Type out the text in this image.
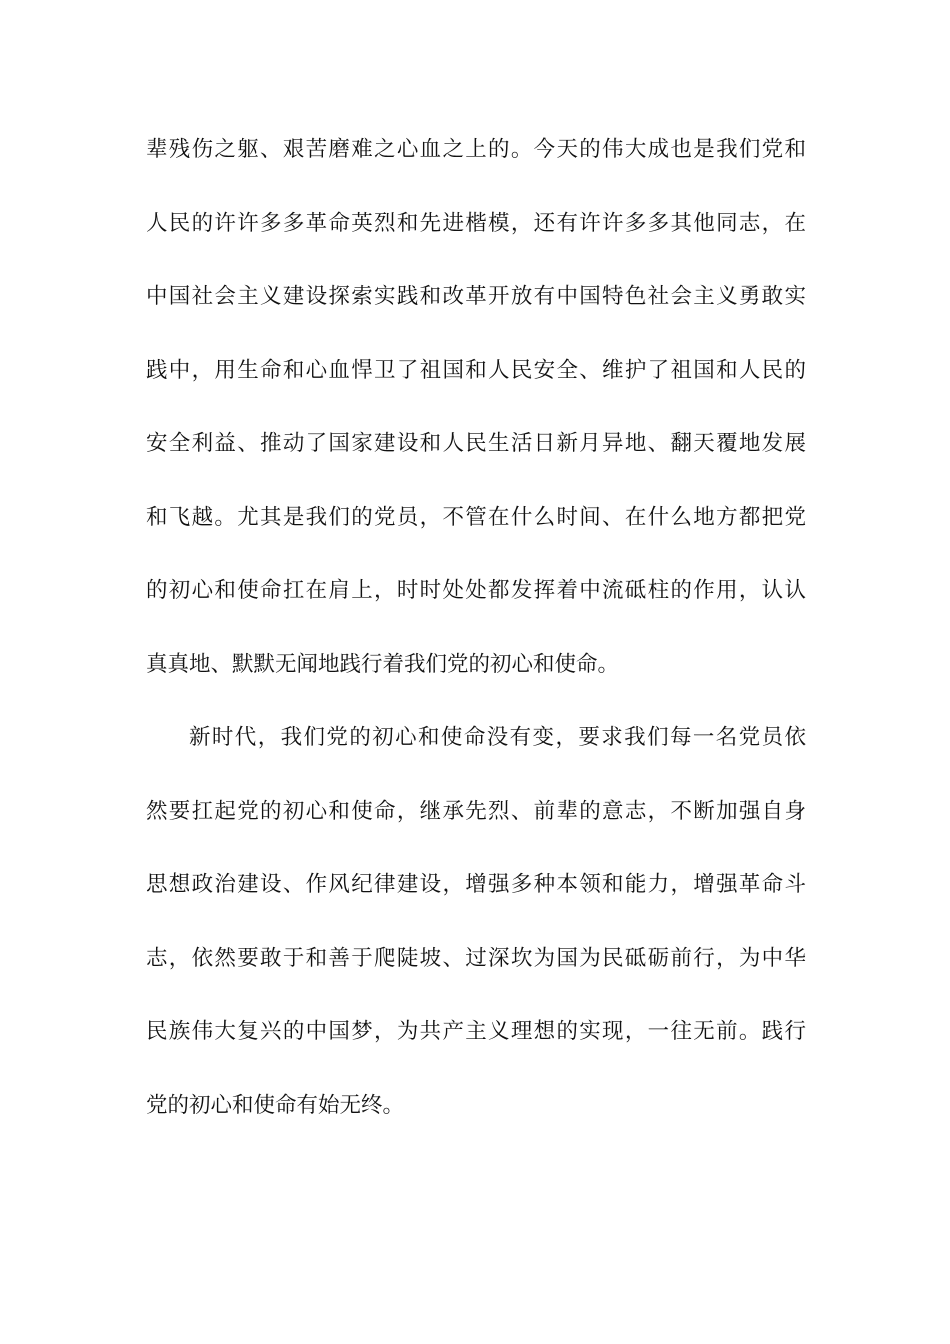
辈残伤之躯、艰苦磨难之心血之上的。今天的伟大成也是我们党和
人民的许许多多革命英烈和先进楷模，还有许许多多其他同志，在
中国社会主义建设探索实践和改革开放有中国特色社会主义勇敢实
践中，用生命和心血悍卫了祖国和人民安全、维护了祖国和人民的
安全利益、推动了国家建设和人民生活日新月异地、翻天覆地发展
和飞越。尤其是我们的党员，不管在什么时间、在什么地方都把党
的初心和使命扛在肩上，时时处处都发挥着中流砥柱的作用，认认
真真地、默默无闻地践行着我们党的初心和使命。
新时代，我们党的初心和使命没有变，要求我们每一名党员依
然要扛起党的初心和使命，继承先烈、前辈的意志，不断加强自身
思想政治建设、作风纪律建设，增强多种本领和能力，增强革命斗
志，依然要敢于和善于爬陡坡、过深坎为国为民砥砺前行，为中华
民族伟大复兴的中国梦，为共产主义理想的实现，一往无前。践行
党的初心和使命有始无终。
